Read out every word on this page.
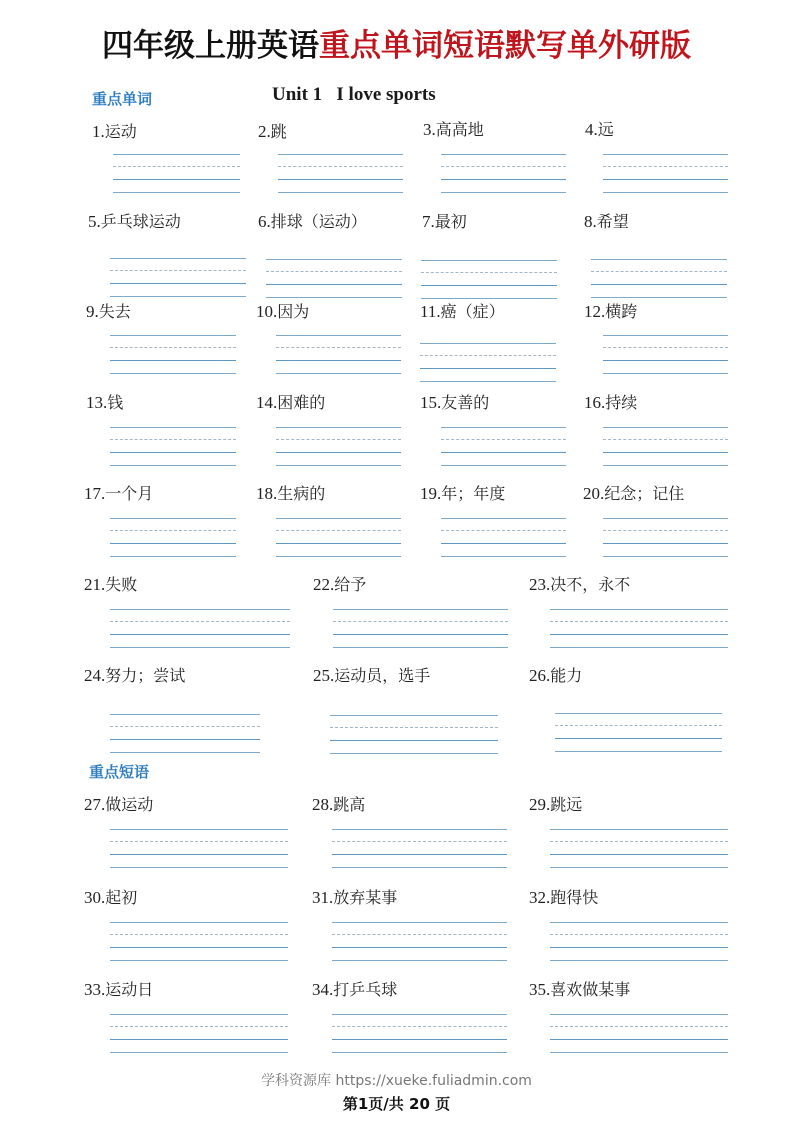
四年级上册英语重点单词短语默写单外研版
重点单词	Unit 1   I love sports
1.运动	2.跳	3.高高地	4.远
5.乒乓球运动	6.排球（运动）	7.最初	8.希望
9.失去	10.因为	11.癌（症）	12.横跨
13.钱	14.困难的	15.友善的	16.持续
17.一个月	18.生病的	19.年；年度	20.纪念；记住
21.失败	22.给予	23.决不，永不
24.努力；尝试	25.运动员，选手	26.能力
重点短语
27.做运动	28.跳高	29.跳远
30.起初	31.放弃某事	32.跑得快
33.运动日	34.打乒乓球	35.喜欢做某事
学科资源库 https://xueke.fuliadmin.com
第1页/共 20 页
